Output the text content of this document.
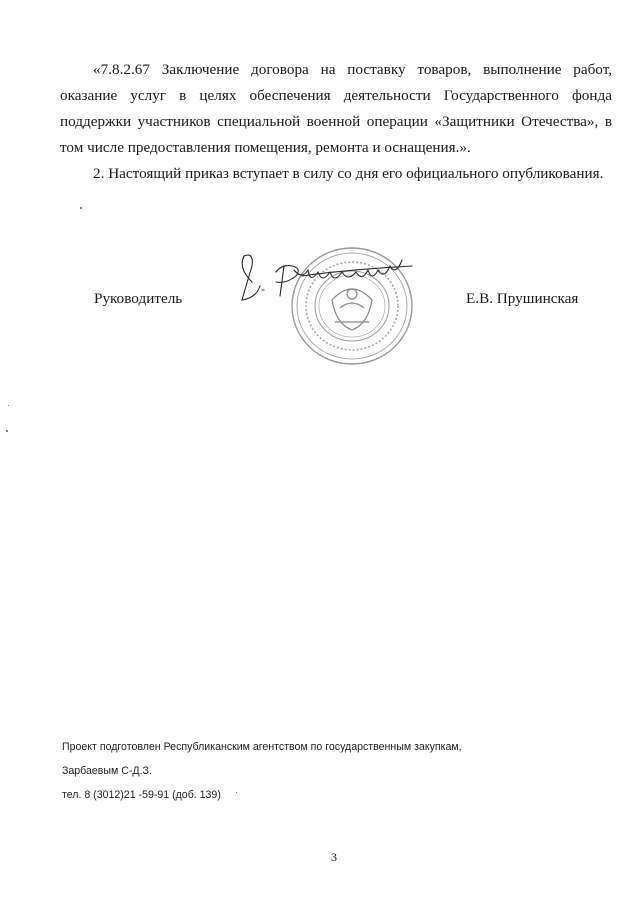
«7.8.2.67 Заключение договора на поставку товаров, выполнение работ, оказание услуг в целях обеспечения деятельности Государственного фонда поддержки участников специальной военной операции «Защитники Отечества», в том числе предоставления помещения, ремонта и оснащения.».
2. Настоящий приказ вступает в силу со дня его официального опубликования.
Руководитель	Е.В. Прушинская
Проект подготовлен Республиканским агентством по государственным закупкам,
Зарбаевым С-Д.З.
тел. 8 (3012)21 -59-91 (доб. 139)
3
